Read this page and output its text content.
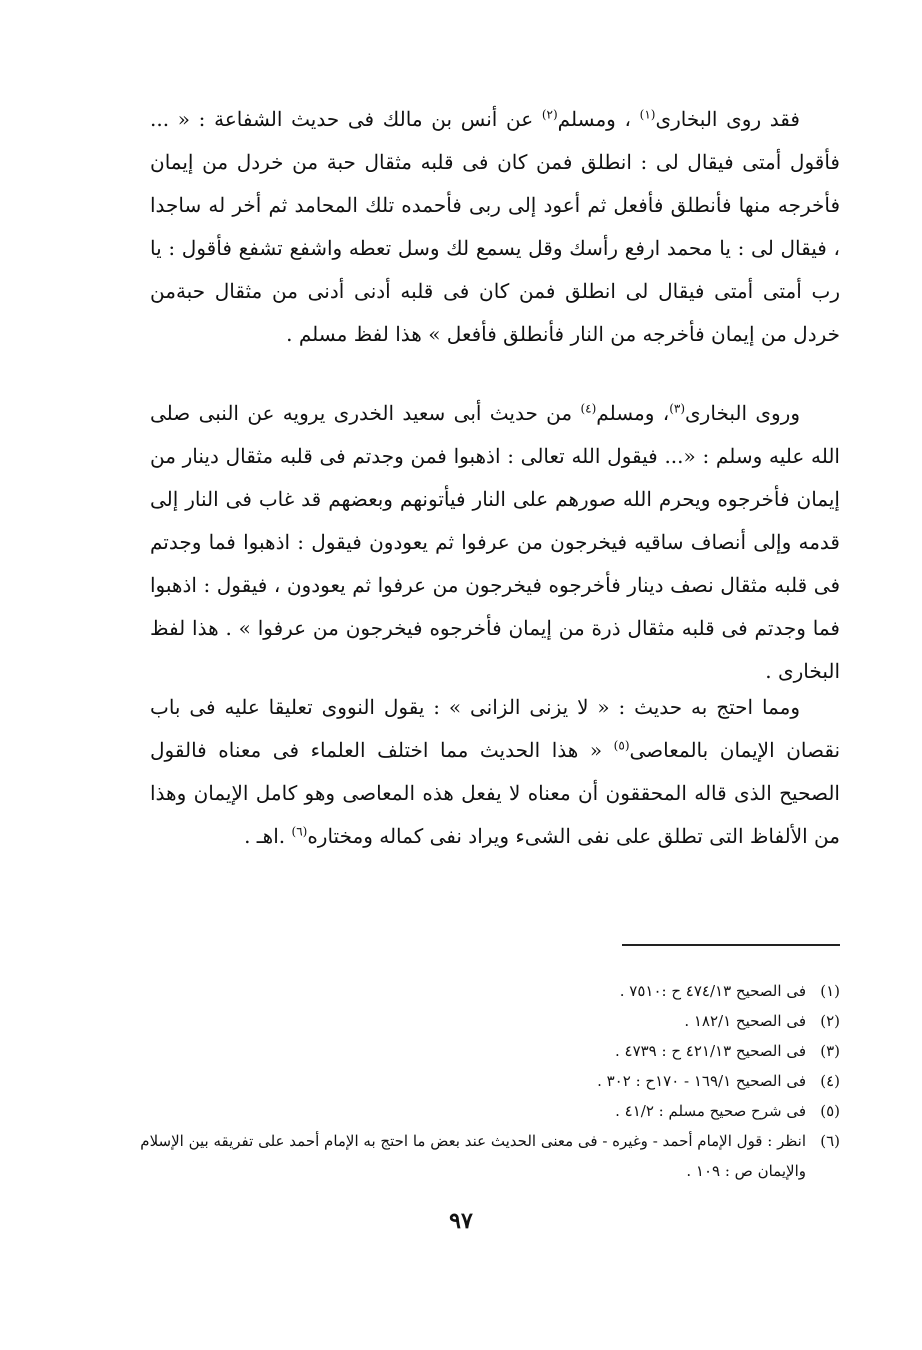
فقد روى البخارى$^{(١)}$ ، ومسلم$^{(٢)}$ عن أنس بن مالك فى حديث الشفاعة : « ... فأقول أمتى فيقال لى : انطلق فمن كان فى قلبه مثقال حبة من خردل من إيمان فأخرجه منها فأنطلق فأفعل ثم أعود إلى ربى فأحمده تلك المحامد ثم أخر له ساجدا ، فيقال لى : يا محمد ارفع رأسك وقل يسمع لك وسل تعطه واشفع تشفع فأقول : يا رب أمتى أمتى فيقال لى انطلق فمن كان فى قلبه أدنى أدنى من مثقال حبةمن خردل من إيمان فأخرجه من النار فأنطلق فأفعل » هذا لفظ مسلم .

وروى البخارى$^{(٣)}$، ومسلم$^{(٤)}$ من حديث أبى سعيد الخدرى يرويه عن النبى صلى الله عليه وسلم : «... فيقول الله تعالى : اذهبوا فمن وجدتم فى قلبه مثقال دينار من إيمان فأخرجوه ويحرم الله صورهم على النار فيأتونهم وبعضهم قد غاب فى النار إلى قدمه وإلى أنصاف ساقيه فيخرجون من عرفوا ثم يعودون فيقول : اذهبوا فما وجدتم فى قلبه مثقال نصف دينار فأخرجوه فيخرجون من عرفوا ثم يعودون ، فيقول : اذهبوا فما وجدتم فى قلبه مثقال ذرة من إيمان فأخرجوه فيخرجون من عرفوا » . هذا لفظ البخارى .

ومما احتج به حديث : « لا يزنى الزانى » : يقول النووى تعليقا عليه فى باب نقصان الإيمان بالمعاصى$^{(٥)}$ « هذا الحديث مما اختلف العلماء فى معناه فالقول الصحيح الذى قاله المحققون أن معناه لا يفعل هذه المعاصى وهو كامل الإيمان وهذا من الألفاظ التى تطلق على نفى الشىء ويراد نفى كماله ومختاره$^{(٦)}$ .اهـ .

(١)
فى الصحيح ٤٧٤/١٣ ح :٧٥١٠ .
(٢)
فى الصحيح ١٨٢/١ .
(٣)
فى الصحيح ٤٢١/١٣ ح : ٤٧٣٩ .
(٤)
فى الصحيح ١٦٩/١ - ١٧٠ح : ٣٠٢ .
(٥)
فى شرح صحيح مسلم : ٤١/٢ .
(٦)
انظر : قول الإمام أحمد - وغيره - فى معنى الحديث عند بعض ما احتج به الإمام أحمد على تفريقه بين الإسلام والإيمان ص : ١٠٩ .
٩٧
